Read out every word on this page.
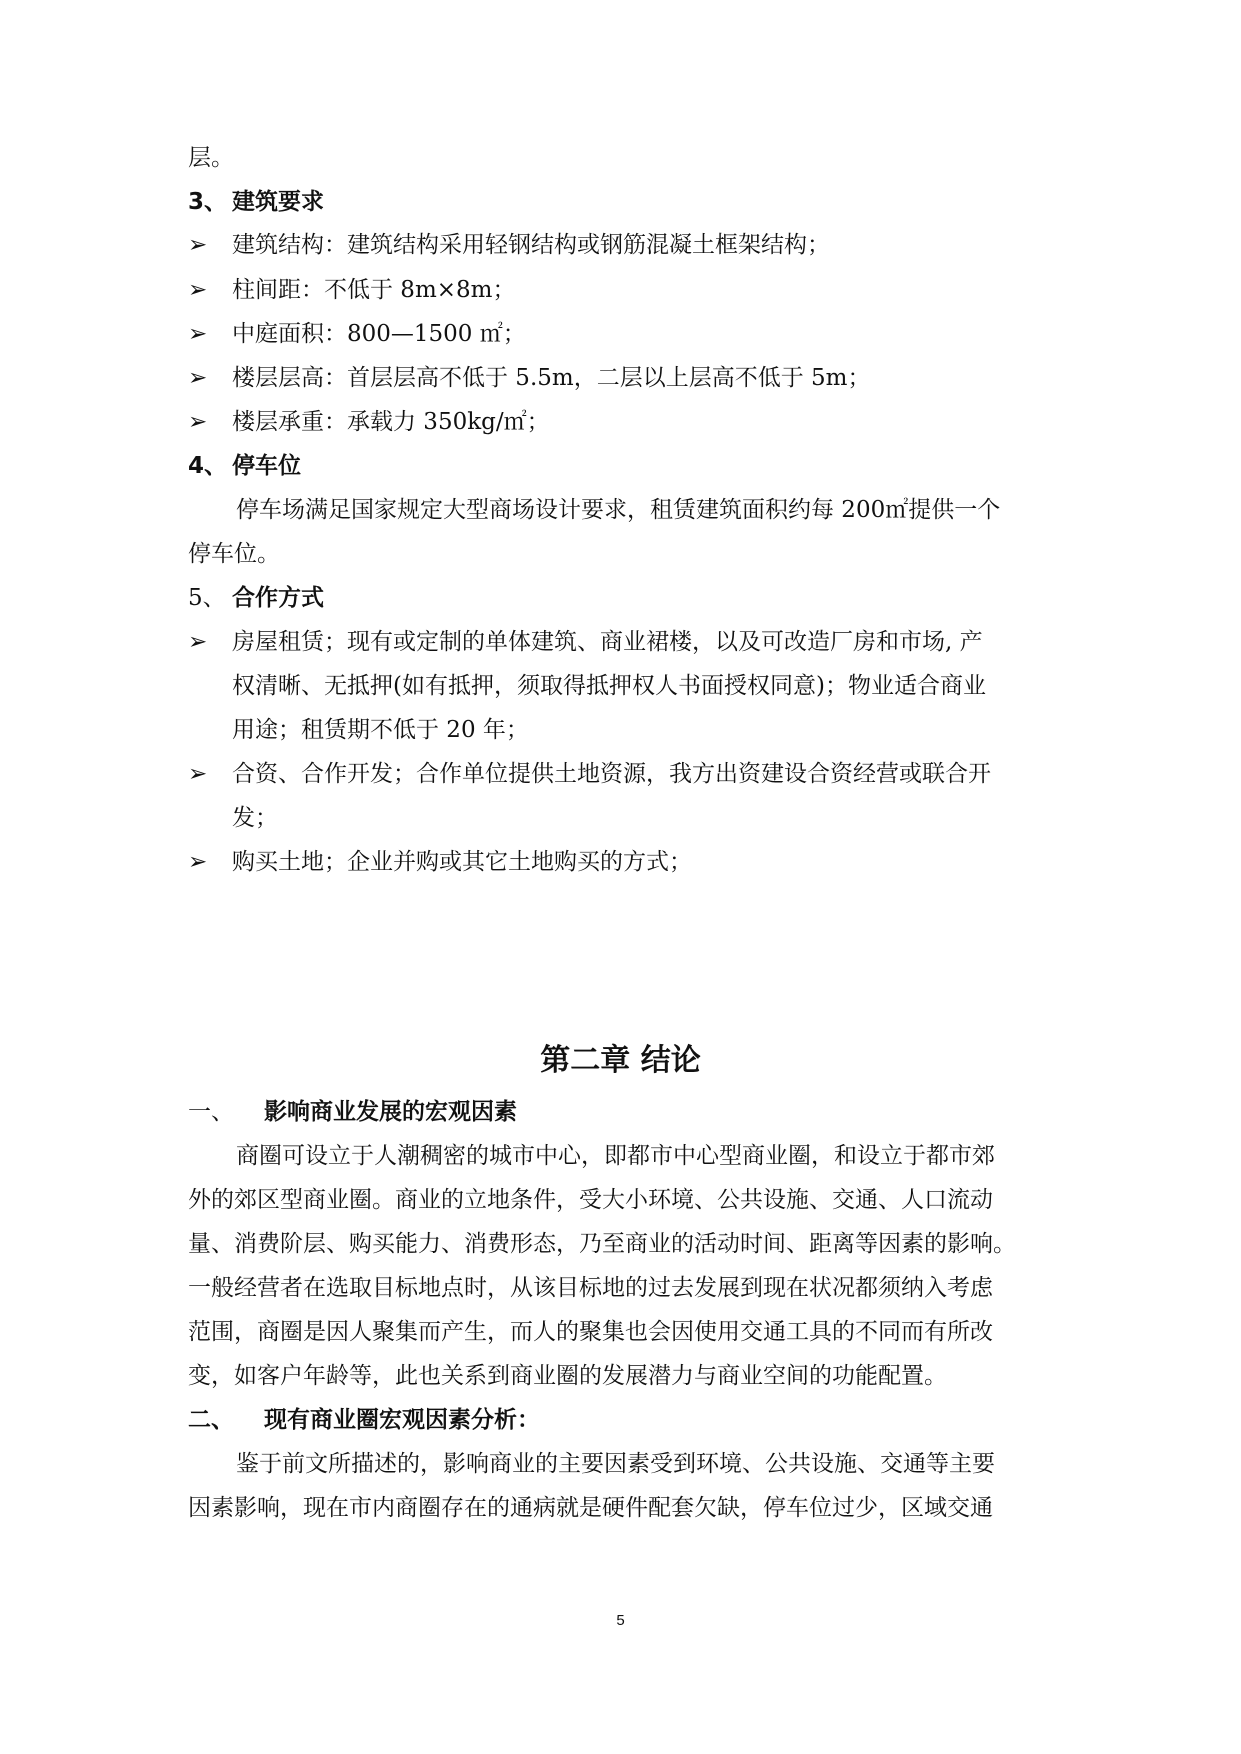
层。
3、 建筑要求
➢ 建筑结构：建筑结构采用轻钢结构或钢筋混凝土框架结构；
➢ 柱间距：不低于 8m×8m；
➢ 中庭面积：800—1500 ㎡；
➢ 楼层层高：首层层高不低于 5.5m，二层以上层高不低于 5m；
➢ 楼层承重：承载力 350kg/㎡；
4、 停车位
停车场满足国家规定大型商场设计要求，租赁建筑面积约每 200㎡提供一个
停车位。
5、 合作方式
➢ 房屋租赁；现有或定制的单体建筑、商业裙楼，以及可改造厂房和市场, 产
权清晰、无抵押(如有抵押，须取得抵押权人书面授权同意)；物业适合商业
用途；租赁期不低于 20 年；
➢ 合资、合作开发；合作单位提供土地资源，我方出资建设合资经营或联合开
发；
➢ 购买土地；企业并购或其它土地购买的方式；
第二章 结论
一、 影响商业发展的宏观因素
商圈可设立于人潮稠密的城市中心，即都市中心型商业圈，和设立于都市郊
外的郊区型商业圈。商业的立地条件，受大小环境、公共设施、交通、人口流动
量、消费阶层、购买能力、消费形态，乃至商业的活动时间、距离等因素的影响。
一般经营者在选取目标地点时，从该目标地的过去发展到现在状况都须纳入考虑
范围，商圈是因人聚集而产生，而人的聚集也会因使用交通工具的不同而有所改
变，如客户年龄等，此也关系到商业圈的发展潜力与商业空间的功能配置。
二、 现有商业圈宏观因素分析：
鉴于前文所描述的，影响商业的主要因素受到环境、公共设施、交通等主要
因素影响，现在市内商圈存在的通病就是硬件配套欠缺，停车位过少，区域交通
5
